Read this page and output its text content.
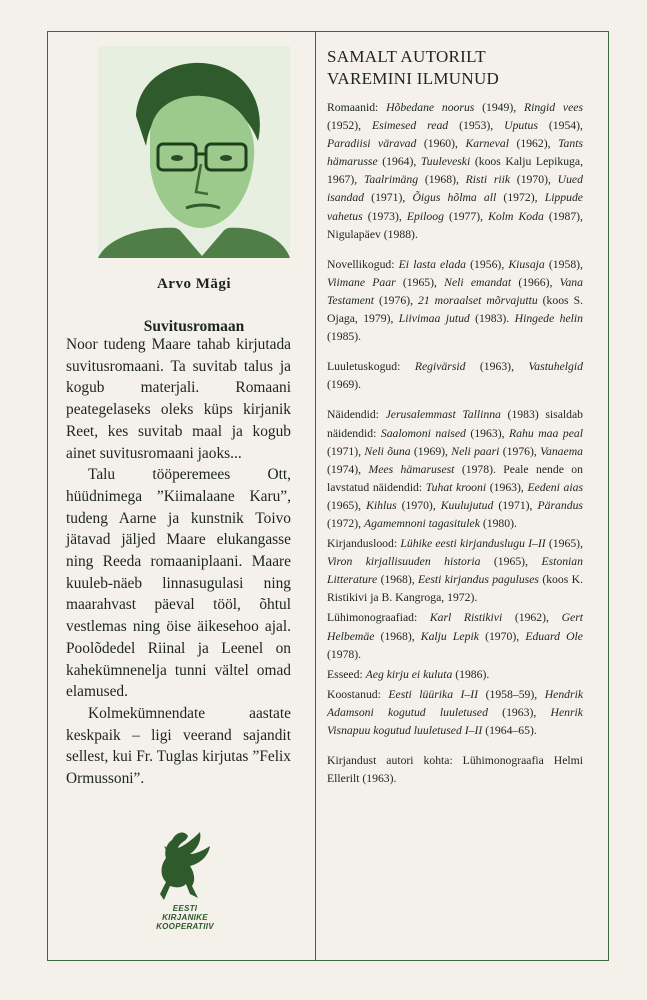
Arvo Mägi
Suvitusromaan

Noor tudeng Maare tahab kirjutada suvitusromaani. Ta suvitab talus ja kogub materjali. Romaani peategelaseks oleks küps kirjanik Reet, kes suvitab maal ja kogub ainet suvitusromaani jaoks...

Talu tööperemees Ott, hüüdnimega ”Kiimalaane Karu”, tudeng Aarne ja kunstnik Toivo jätavad jäljed Maare elukangasse ning Reeda romaaniplaani. Maare kuuleb-näeb linnasugulasi ning maarahvast päeval tööl, õhtul vestlemas ning öise äikesehoo ajal. Poolõdedel Riinal ja Leenel on kahekümnenelja tunni vältel omad elamused.

Kolmekümnendate aastate keskpaik – ligi veerand sajandit sellest, kui Fr. Tuglas kirjutas ”Felix Ormussoni”.

EESTI
KIRJANIKE
KOOPERATIIV
SAMALT AUTORILT
VAREMINI ILMUNUD

Romaanid: Hõbedane noorus (1949), Ringid vees (1952), Esimesed read (1953), Uputus (1954), Paradiisi väravad (1960), Karneval (1962), Tants hämarusse (1964), Tuuleveski (koos Kalju Lepikuga, 1967), Taalrimäng (1968), Risti riik (1970), Uued isandad (1971), Õigus hõlma all (1972), Lippude vahetus (1973), Epiloog (1977), Kolm Koda (1987), Nigulapäev (1988).

Novellikogud: Ei lasta elada (1956), Kiusaja (1958), Viimane Paar (1965), Neli emandat (1966), Vana Testament (1976), 21 moraalset mõrvajuttu (koos S. Ojaga, 1979), Liivimaa jutud (1983). Hingede helin (1985).

Luuletuskogud: Regivärsid (1963), Vastuhelgid (1969).

Näidendid: Jerusalemmast Tallinna (1983) sisaldab näidendid: Saalomoni naised (1963), Rahu maa peal (1971), Neli õuna (1969), Neli paari (1976), Vanaema (1974), Mees hämarusest (1978). Peale nende on lavstatud näidendid: Tuhat krooni (1963), Eedeni aias (1965), Kihlus (1970), Kuulujutud (1971), Pärandus (1972), Agamemnoni tagasitulek (1980).

Kirjanduslood: Lühike eesti kirjanduslugu I–II (1965), Viron kirjallisuuden historia (1965), Estonian Litterature (1968), Eesti kirjandus paguluses (koos K. Ristikivi ja B. Kangroga, 1972).

Lühimonograafiad: Karl Ristikivi (1962), Gert Helbemäe (1968), Kalju Lepik (1970), Eduard Ole (1978).

Esseed: Aeg kirju ei kuluta (1986).

Koostanud: Eesti lüürika I–II (1958–59), Hendrik Adamsoni kogutud luuletused (1963), Henrik Visnapuu kogutud luuletused I–II (1964–65).

Kirjandust autori kohta: Lühimonograafia Helmi Ellerilt (1963).
